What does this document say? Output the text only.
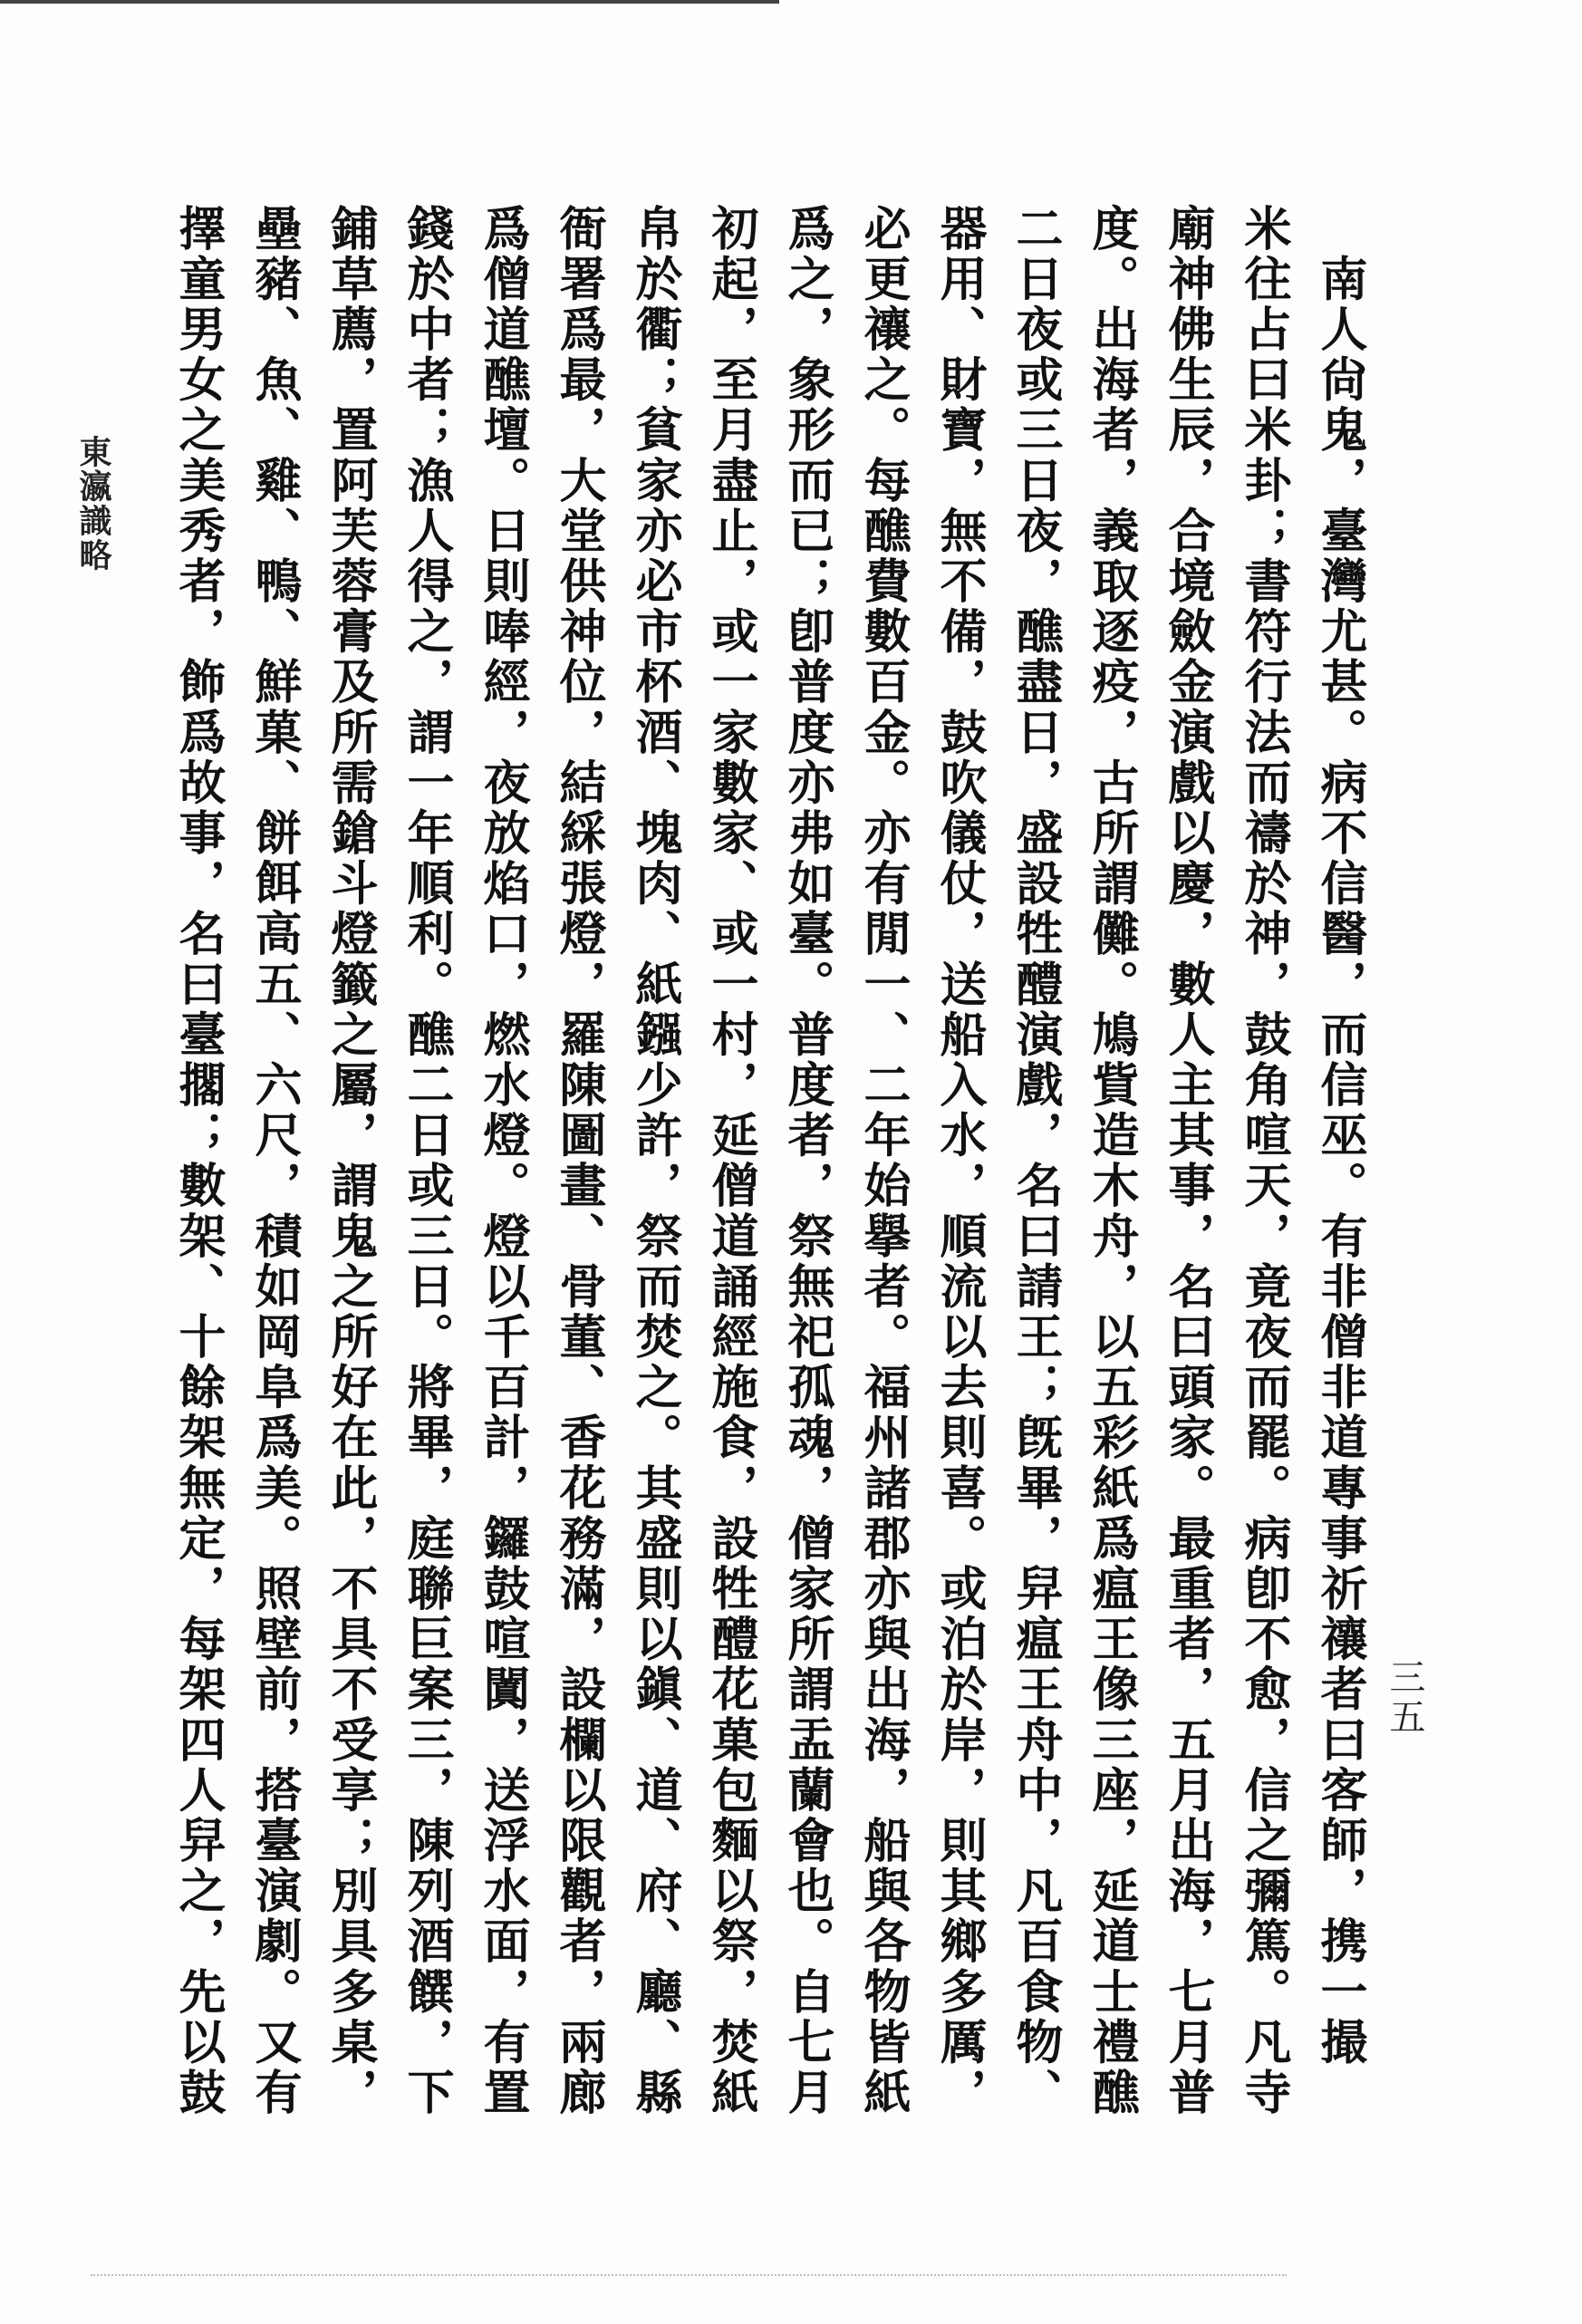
三五
　南人尙鬼，臺灣尤甚。病不信醫，而信巫。有非僧非道專事祈禳者曰客師，携一撮
米往占曰米卦；書符行法而禱於神，鼓角喧天，竟夜而罷。病卽不愈，信之彌篤。凡寺
廟神佛生辰，合境斂金演戲以慶，數人主其事，名曰頭家。最重者，五月出海，七月普
度。出海者，義取逐疫，古所謂儺。鳩貲造木舟，以五彩紙爲瘟王像三座，延道士禮醮
二日夜或三日夜，醮盡日，盛設牲醴演戲，名曰請王；旣畢，舁瘟王舟中，凡百食物、
器用、財寶，無不備，鼓吹儀仗，送船入水，順流以去則喜。或泊於岸，則其鄉多厲，
必更禳之。每醮費數百金。亦有閒一、二年始擧者。福州諸郡亦與出海，船與各物皆紙
爲之，象形而已；卽普度亦弗如臺。普度者，祭無祀孤魂，僧家所謂盂蘭會也。自七月
初起，至月盡止，或一家數家、或一村，延僧道誦經施食，設牲醴花菓包麵以祭，焚紙
帛於衢；貧家亦必市杯酒、塊肉、紙鏹少許，祭而焚之。其盛則以鎭、道、府、廳、縣
衙署爲最，大堂供神位，結綵張燈，羅陳圖畫、骨董、香花務滿，設欄以限觀者，兩廊
爲僧道醮壇。日則唪經，夜放焰口，燃水燈。燈以千百計，鑼鼓喧闐，送浮水面，有置
錢於中者；漁人得之，謂一年順利。醮二日或三日。將畢，庭聯巨案三，陳列酒饌，下
鋪草薦，置阿芙蓉膏及所需鎗斗燈籤之屬，謂鬼之所好在此，不具不受享；別具多桌，
壘豬、魚、雞、鴨、鮮菓、餅餌高五、六尺，積如岡阜爲美。照壁前，搭臺演劇。又有
擇童男女之美秀者，飾爲故事，名曰臺擱；數架、十餘架無定，每架四人舁之，先以鼓
東瀛識略
